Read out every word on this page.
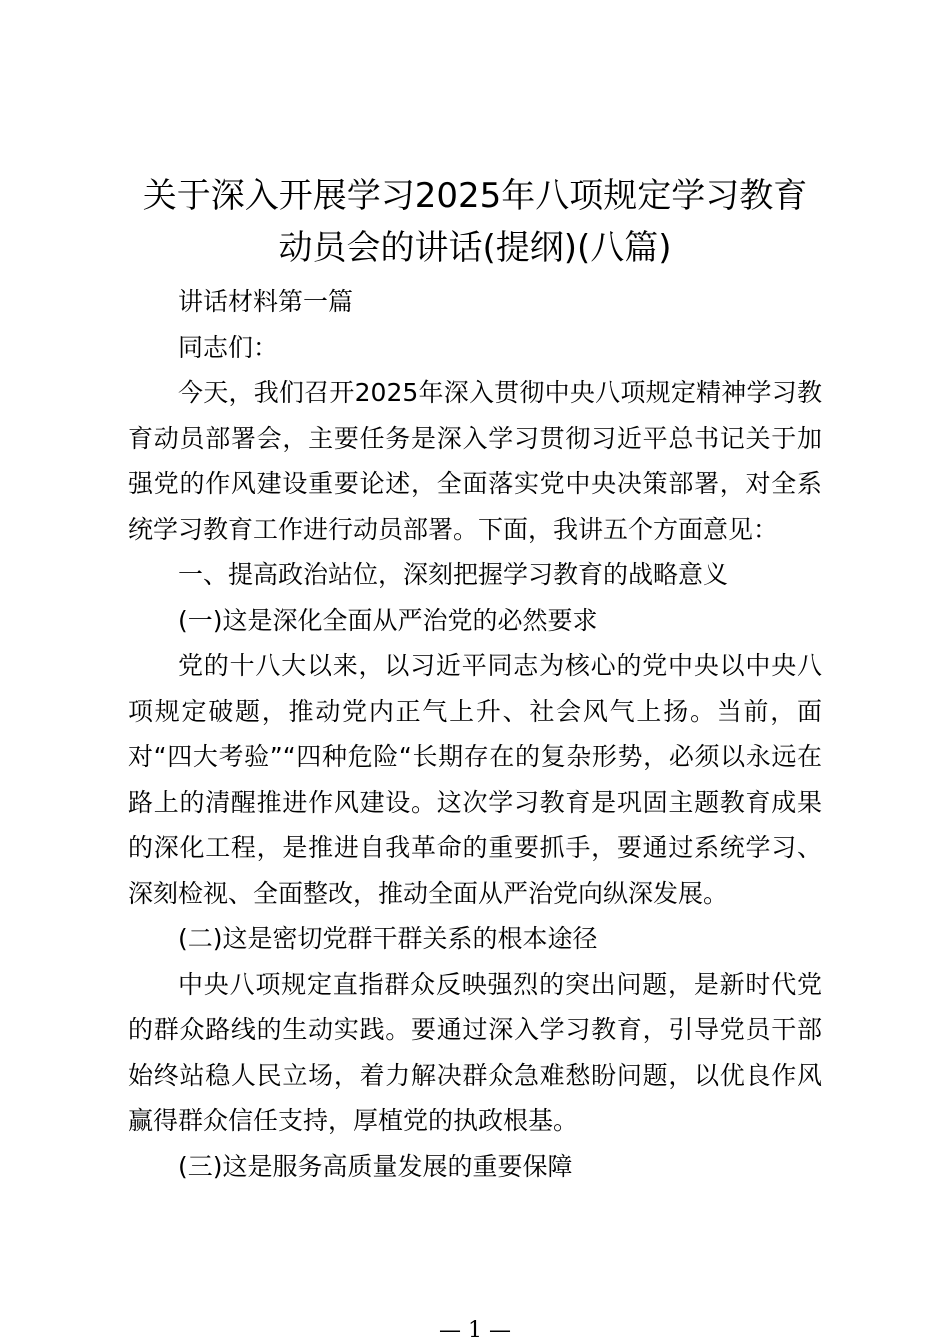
关于深入开展学习2025年八项规定学习教育
动员会的讲话(提纲)(八篇)

讲话材料第一篇

同志们：

今天，我们召开2025年深入贯彻中央八项规定精神学习教育动员部署会，主要任务是深入学习贯彻习近平总书记关于加强党的作风建设重要论述，全面落实党中央决策部署，对全系统学习教育工作进行动员部署。下面，我讲五个方面意见：

一、提高政治站位，深刻把握学习教育的战略意义

(一)这是深化全面从严治党的必然要求

党的十八大以来，以习近平同志为核心的党中央以中央八项规定破题，推动党内正气上升、社会风气上扬。当前，面对“四大考验”“四种危险“长期存在的复杂形势，必须以永远在路上的清醒推进作风建设。这次学习教育是巩固主题教育成果的深化工程，是推进自我革命的重要抓手，要通过系统学习、深刻检视、全面整改，推动全面从严治党向纵深发展。

(二)这是密切党群干群关系的根本途径

中央八项规定直指群众反映强烈的突出问题，是新时代党的群众路线的生动实践。要通过深入学习教育，引导党员干部始终站稳人民立场，着力解决群众急难愁盼问题，以优良作风赢得群众信任支持，厚植党的执政根基。

(三)这是服务高质量发展的重要保障

— 1 —
